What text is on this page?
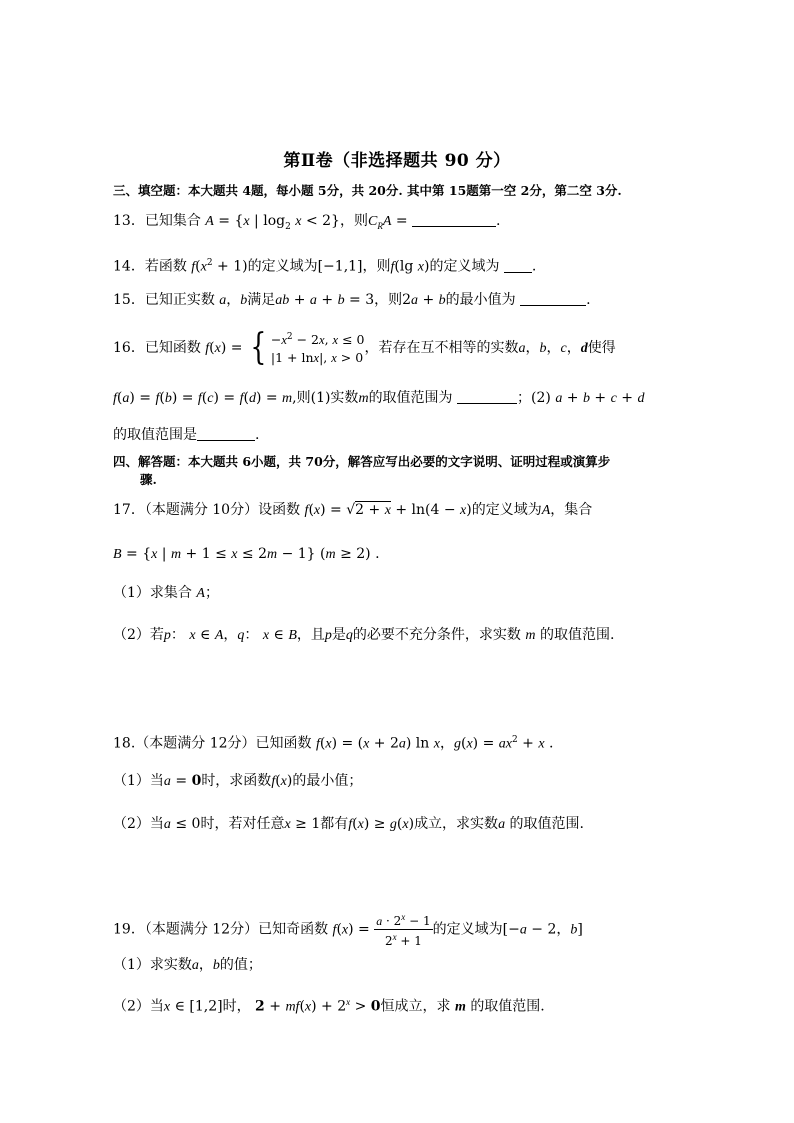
第Ⅱ卷（非选择题共 90 分）
三、填空题：本大题共 4题，每小题 5分，共 20分. 其中第 15题第一空 2分，第二空 3分.
13．已知集合 A = {x | $\log_2 x < 2$}，则$C_RA$ =	.
14．若函数 $f(x^2 + 1)$的定义域为[−1,1]，则f(lg x)的定义域为 .
15．已知正实数 a，b满足ab + a + b = 3，则2a + b的最小值为	.
16．已知函数 f(x) = { $-x^2 - 2x$, x ≤ 0
|1 + lnx|, x > 0
，若存在互不相等的实数a，b，c，d使得
f(a) = f(b) = f(c) = f(d) = m,则(1)实数m的取值范围为	；(2) a + b + c + d
的取值范围是	.
四、解答题：本大题共 6小题，共 70分，解答应写出必要的文字说明、证明过程或演算步
骤.
17．（本题满分 10分）设函数 f(x) = √2 + x + ln(4 − x)的定义域为A，集合
B = {x | m + 1 ≤ x ≤ 2m − 1} (m ≥ 2) .
（1）求集合 A；
（2）若p： x ∈ A，q： x ∈ B，且p是q的必要不充分条件，求实数 m 的取值范围.
18.（本题满分 12分）已知函数 f(x) = (x + 2a) ln x，$g(x) = ax^2 + x$ .
（1）当a = 0时，求函数f(x)的最小值；
（2）当a ≤ 0时，若对任意x ≥ 1都有f(x) ≥ g(x)成立，求实数a 的取值范围.
19．（本题满分 12分）已知奇函数 $f(x) = \frac{a \cdot 2^x - 1}{2^x + 1}$ 的定义域为[−a − 2，b]
（1）求实数a，b的值；
（2）当x ∈ [1,2]时， $2 + mf(x) + 2^x > 0$恒成立，求 m 的取值范围.
